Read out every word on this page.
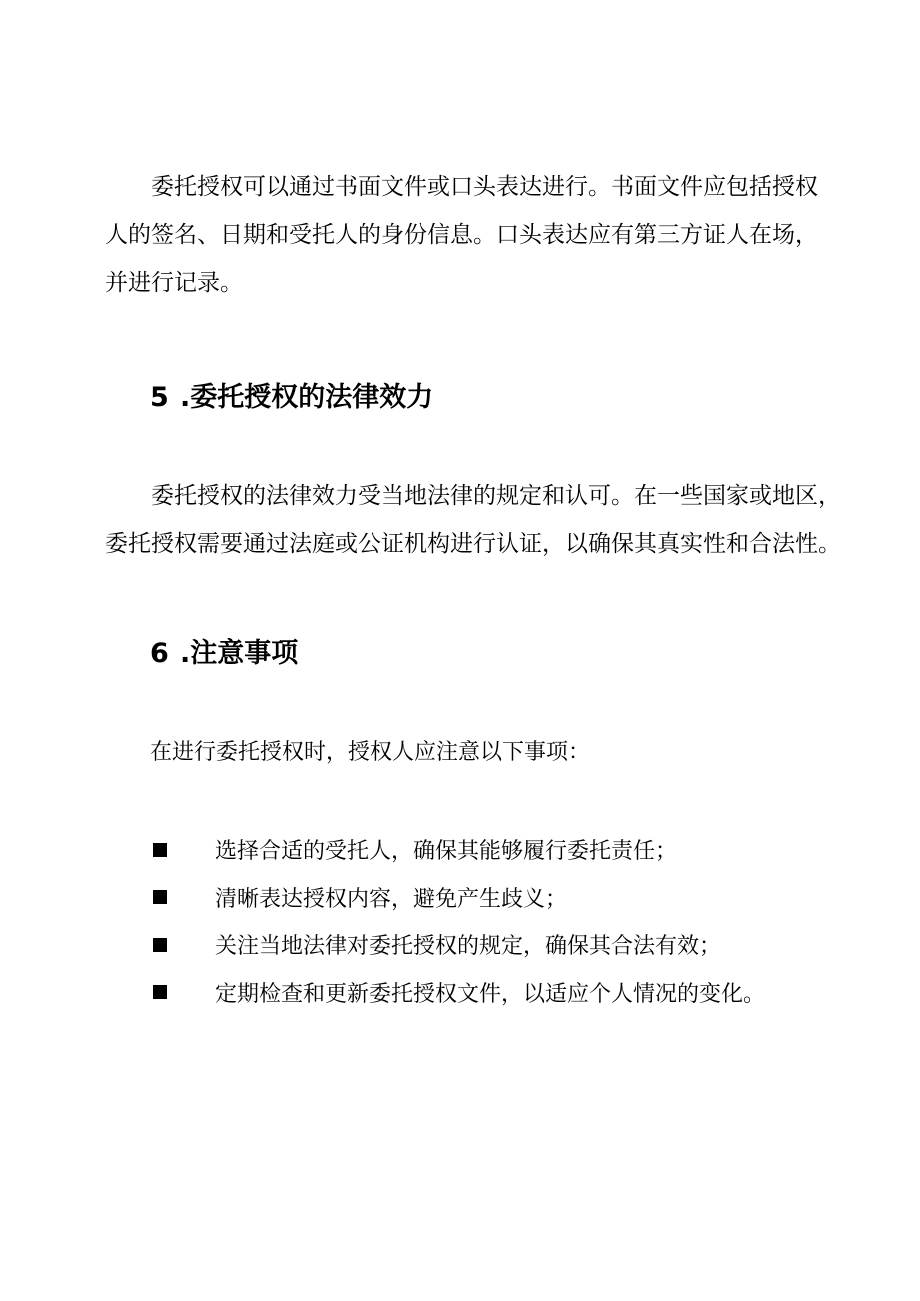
委托授权可以通过书面文件或口头表达进行。书面文件应包括授权
人的签名、日期和受托人的身份信息。口头表达应有第三方证人在场，
并进行记录。
5 .委托授权的法律效力
委托授权的法律效力受当地法律的规定和认可。在一些国家或地区，
委托授权需要通过法庭或公证机构进行认证，以确保其真实性和合法性。
6 .注意事项

在进行委托授权时，授权人应注意以下事项：

选择合适的受托人，确保其能够履行委托责任；
清晰表达授权内容，避免产生歧义；
关注当地法律对委托授权的规定，确保其合法有效；
定期检查和更新委托授权文件，以适应个人情况的变化。
